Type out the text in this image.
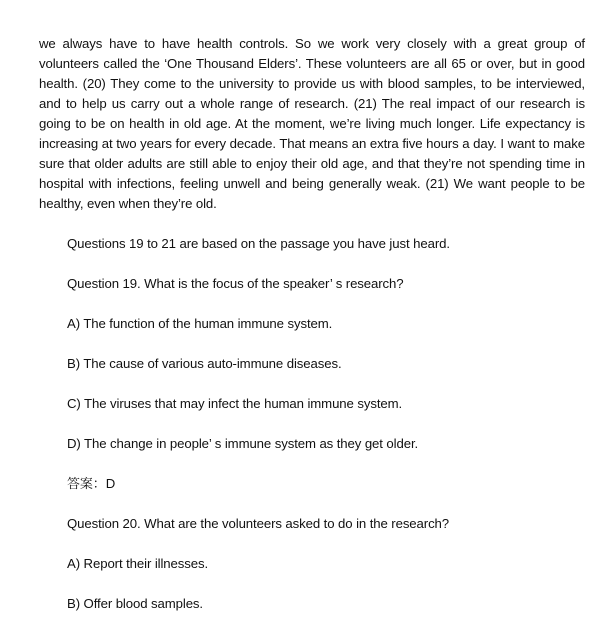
we always have to have health controls. So we work very closely with a great group of volunteers called the ‘One Thousand Elders’. These volunteers are all 65 or over, but in good health. (20) They come to the university to provide us with blood samples, to be interviewed, and to help us carry out a whole range of research. (21) The real impact of our research is going to be on health in old age. At the moment, we’re living much longer. Life expectancy is increasing at two years for every decade. That means an extra five hours a day. I want to make sure that older adults are still able to enjoy their old age, and that they’re not spending time in hospital with infections, feeling unwell and being generally weak. (21) We want people to be healthy, even when they’re old.

Questions 19 to 21 are based on the passage you have just heard.

Question 19. What is the focus of the speaker’ s research?

A) The function of the human immune system.

B) The cause of various auto-immune diseases.

C) The viruses that may infect the human immune system.

D) The change in people’ s immune system as they get older.

答案：D

Question 20. What are the volunteers asked to do in the research?

A) Report their illnesses.

B) Offer blood samples.
